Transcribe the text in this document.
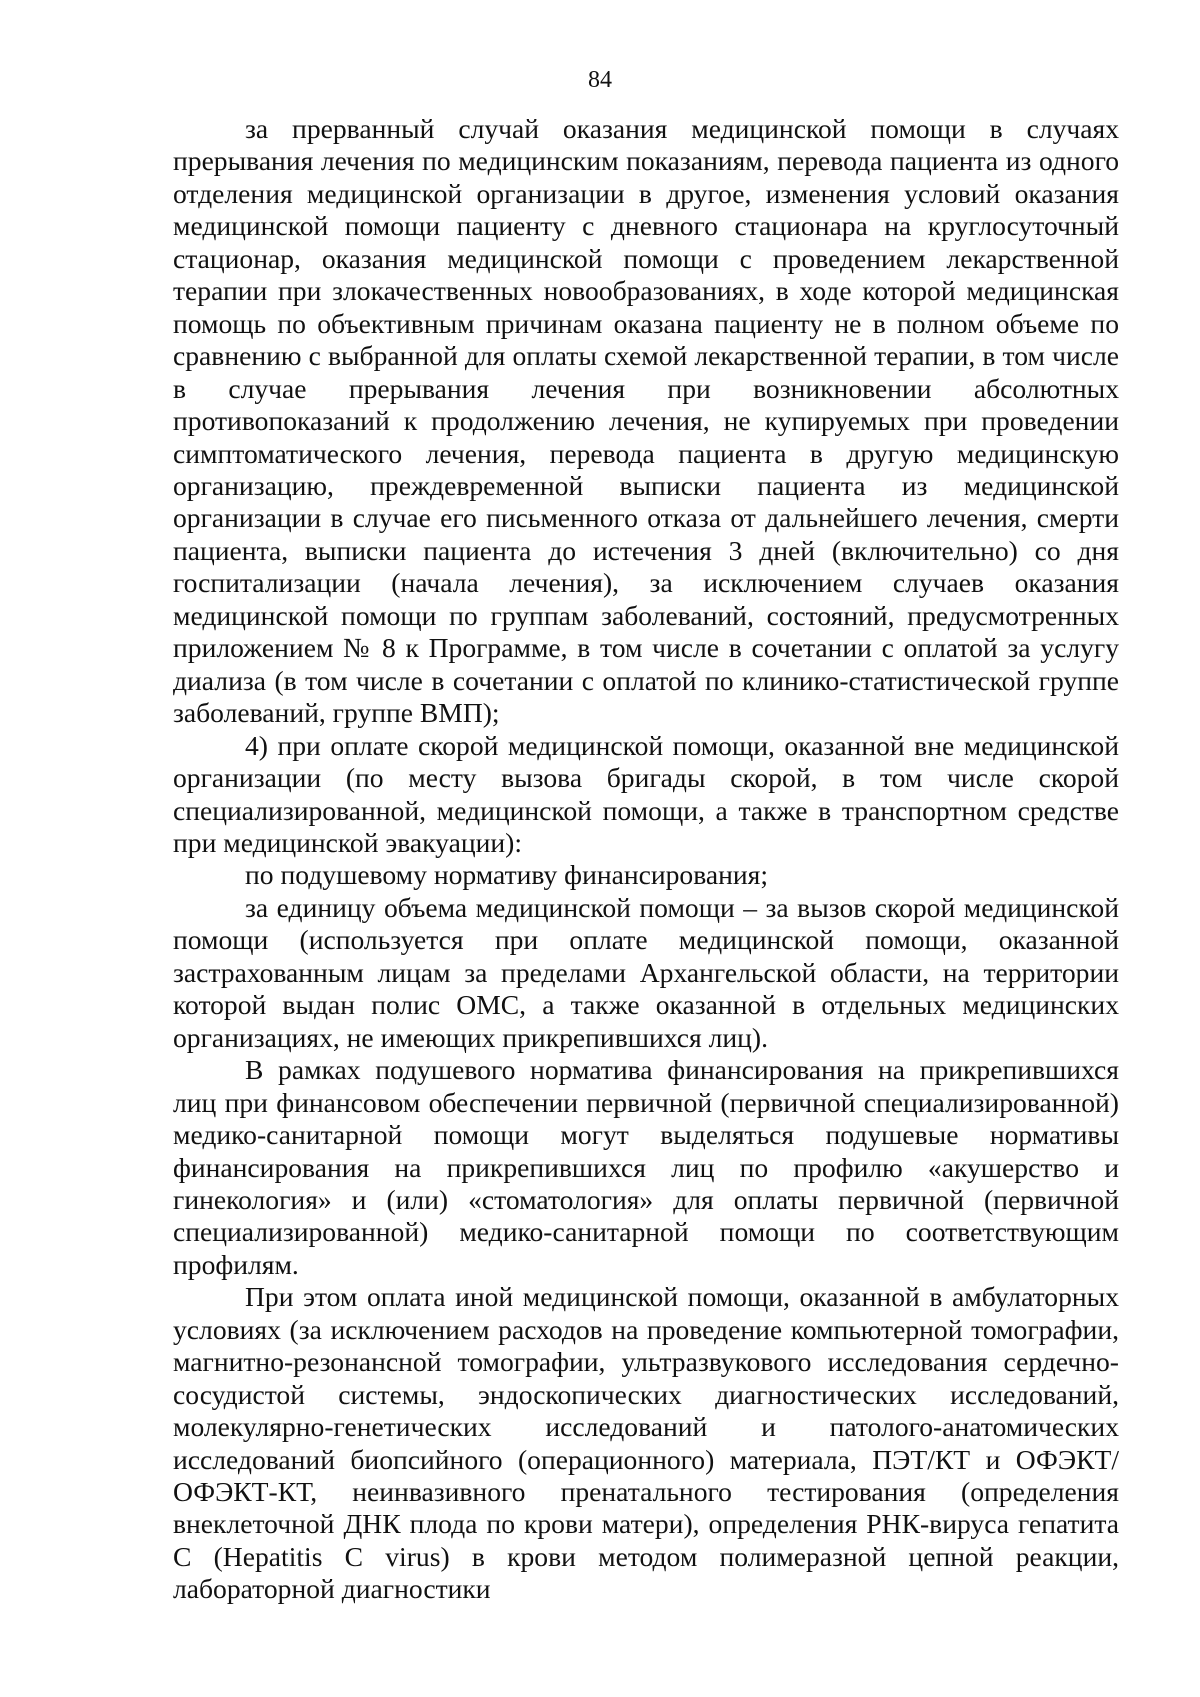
84

за прерванный случай оказания медицинской помощи в случаях прерывания лечения по медицинским показаниям, перевода пациента из одного отделения медицинской организации в другое, изменения условий оказания медицинской помощи пациенту с дневного стационара на круглосуточный стационар, оказания медицинской помощи с проведением лекарственной терапии при злокачественных новообразованиях, в ходе которой медицинская помощь по объективным причинам оказана пациенту не в полном объеме по сравнению с выбранной для оплаты схемой лекарственной терапии, в том числе в случае прерывания лечения при возникновении абсолютных противопоказаний к продолжению лечения, не купируемых при проведении симптоматического лечения, перевода пациента в другую медицинскую организацию, преждевременной выписки пациента из медицинской организации в случае его письменного отказа от дальнейшего лечения, смерти пациента, выписки пациента до истечения 3 дней (включительно) со дня госпитализации (начала лечения), за исключением случаев оказания медицинской помощи по группам заболеваний, состояний, предусмотренных приложением № 8 к Программе, в том числе в сочетании с оплатой за услугу диализа (в том числе в сочетании с оплатой по клинико-статистической группе заболеваний, группе ВМП);

4) при оплате скорой медицинской помощи, оказанной вне медицинской организации (по месту вызова бригады скорой, в том числе скорой специализированной, медицинской помощи, а также в транспортном средстве при медицинской эвакуации):

по подушевому нормативу финансирования;

за единицу объема медицинской помощи – за вызов скорой медицинской помощи (используется при оплате медицинской помощи, оказанной застрахованным лицам за пределами Архангельской области, на территории которой выдан полис ОМС, а также оказанной в отдельных медицинских организациях, не имеющих прикрепившихся лиц).

В рамках подушевого норматива финансирования на прикрепившихся лиц при финансовом обеспечении первичной (первичной специализированной) медико-санитарной помощи могут выделяться подушевые нормативы финансирования на прикрепившихся лиц по профилю «акушерство и гинекология» и (или) «стоматология» для оплаты первичной (первичной специализированной) медико-санитарной помощи по соответствующим профилям.

При этом оплата иной медицинской помощи, оказанной в амбулаторных условиях (за исключением расходов на проведение компьютерной томографии, магнитно-резонансной томографии, ультразвукового исследования сердечно-сосудистой системы, эндоскопических диагностических исследований, молекулярно-генетических исследований и патолого-анатомических исследований биопсийного (операционного) материала, ПЭТ/КТ и ОФЭКТ/ОФЭКТ-КТ, неинвазивного пренатального тестирования (определения внеклеточной ДНК плода по крови матери), определения РНК-вируса гепатита C (Hepatitis C virus) в крови методом полимеразной цепной реакции, лабораторной диагностики
